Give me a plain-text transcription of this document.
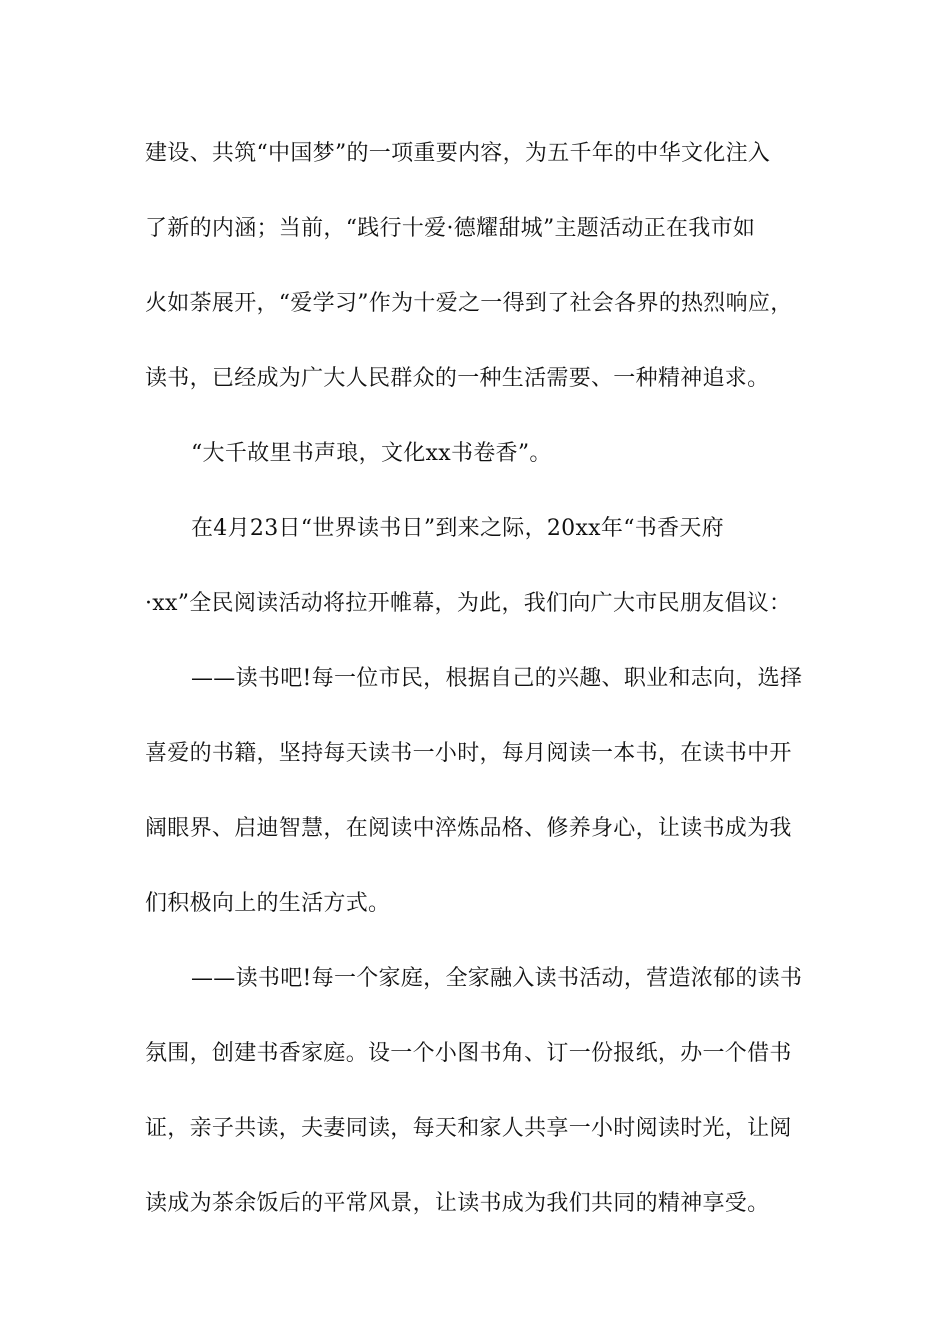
建设、共筑“中国梦”的一项重要内容，为五千年的中华文化注入
了新的内涵；当前，“践行十爱·德耀甜城”主题活动正在我市如
火如荼展开，“爱学习”作为十爱之一得到了社会各界的热烈响应，
读书，已经成为广大人民群众的一种生活需要、一种精神追求。
“大千故里书声琅，文化xx书卷香”。
在4月23日“世界读书日”到来之际，20xx年“书香天府
·xx”全民阅读活动将拉开帷幕，为此，我们向广大市民朋友倡议：
——读书吧!每一位市民，根据自己的兴趣、职业和志向，选择
喜爱的书籍，坚持每天读书一小时，每月阅读一本书，在读书中开
阔眼界、启迪智慧，在阅读中淬炼品格、修养身心，让读书成为我
们积极向上的生活方式。
——读书吧!每一个家庭，全家融入读书活动，营造浓郁的读书
氛围，创建书香家庭。设一个小图书角、订一份报纸，办一个借书
证，亲子共读，夫妻同读，每天和家人共享一小时阅读时光，让阅
读成为茶余饭后的平常风景，让读书成为我们共同的精神享受。
